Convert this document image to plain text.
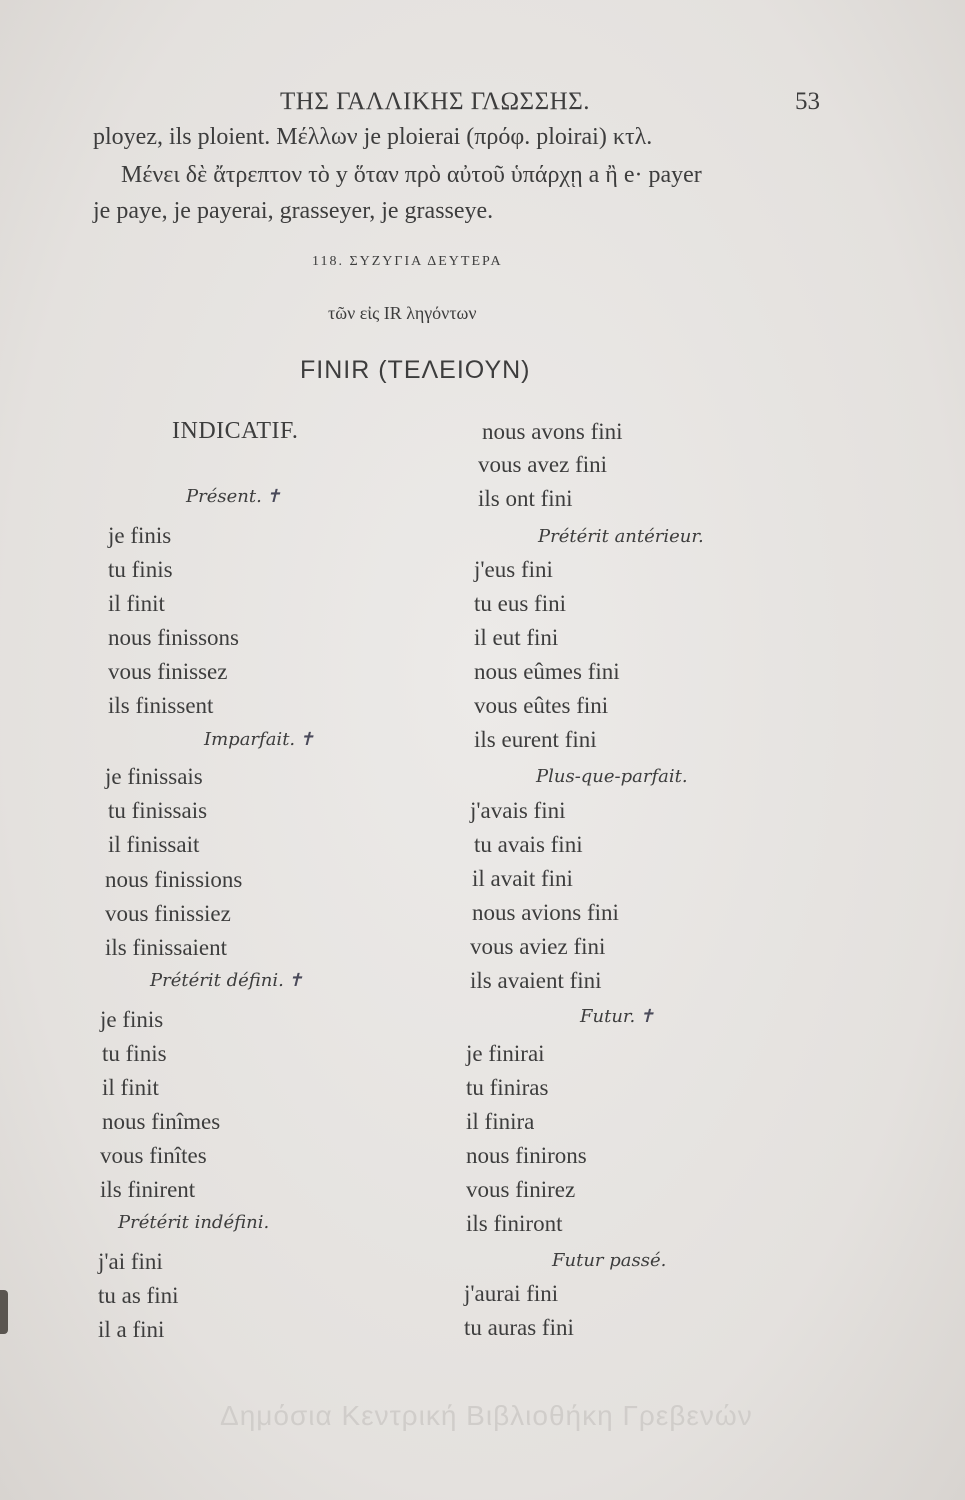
ΤΗΣ ΓΑΛΛΙΚΗΣ ΓΛΩΣΣΗΣ.	53
ployez, ils ploient. Μέλλων je ploierai (πρόφ. ploirai) κτλ.
Μένει δὲ ἄτρεπτον τὸ y ὅταν πρὸ αὐτοῦ ὑπάρχῃ a ἢ e· payer
je paye, je payerai, grasseyer, je grasseye.
118. ΣΥΖΥΓΙΑ ΔΕΥΤΕΡΑ
τῶν εἰς IR ληγόντων
FINIR (ΤΕΛΕΙΟΥΝ)
INDICATIF.
Présent. ✝
je finis
tu finis
il finit
nous finissons
vous finissez
ils finissent
Imparfait. ✝
je finissais
tu finissais
il finissait
nous finissions
vous finissiez
ils finissaient
Prétérit défini. ✝
je finis
tu finis
il finit
nous finîmes
vous finîtes
ils finirent
Prétérit indéfini.
j'ai fini
tu as fini
il a fini
nous avons fini
vous avez fini
ils ont fini
Prétérit antérieur.
j'eus fini
tu eus fini
il eut fini
nous eûmes fini
vous eûtes fini
ils eurent fini
Plus-que-parfait.
j'avais fini
tu avais fini
il avait fini
nous avions fini
vous aviez fini
ils avaient fini
Futur. ✝
je finirai
tu finiras
il finira
nous finirons
vous finirez
ils finiront
Futur passé.
j'aurai fini
tu auras fini
Δημόσια Κεντρική Βιβλιοθήκη Γρεβενών
